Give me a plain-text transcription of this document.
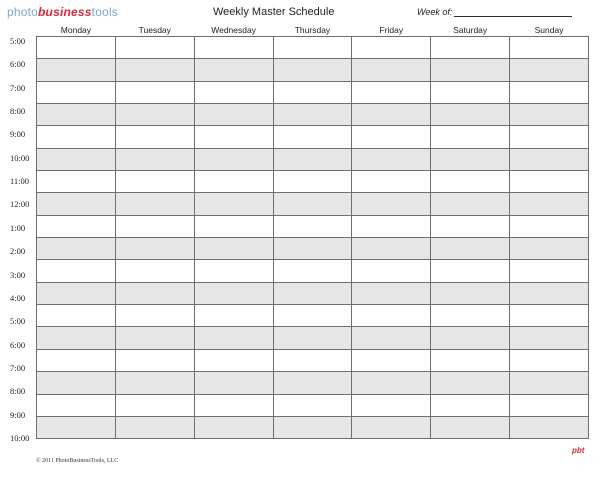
photobusinesstools	Weekly Master Schedule	Week of:
Monday	Tuesday	Wednesday	Thursday	Friday	Saturday	Sunday

5:00
6:00
7:00
8:00
9:00
10:00
11:00
12:00
1:00
2:00
3:00
4:00
5:00
6:00
7:00
8:00
9:00
10:00
© 2011 PhotoBusinessTools, LLC
pbt
